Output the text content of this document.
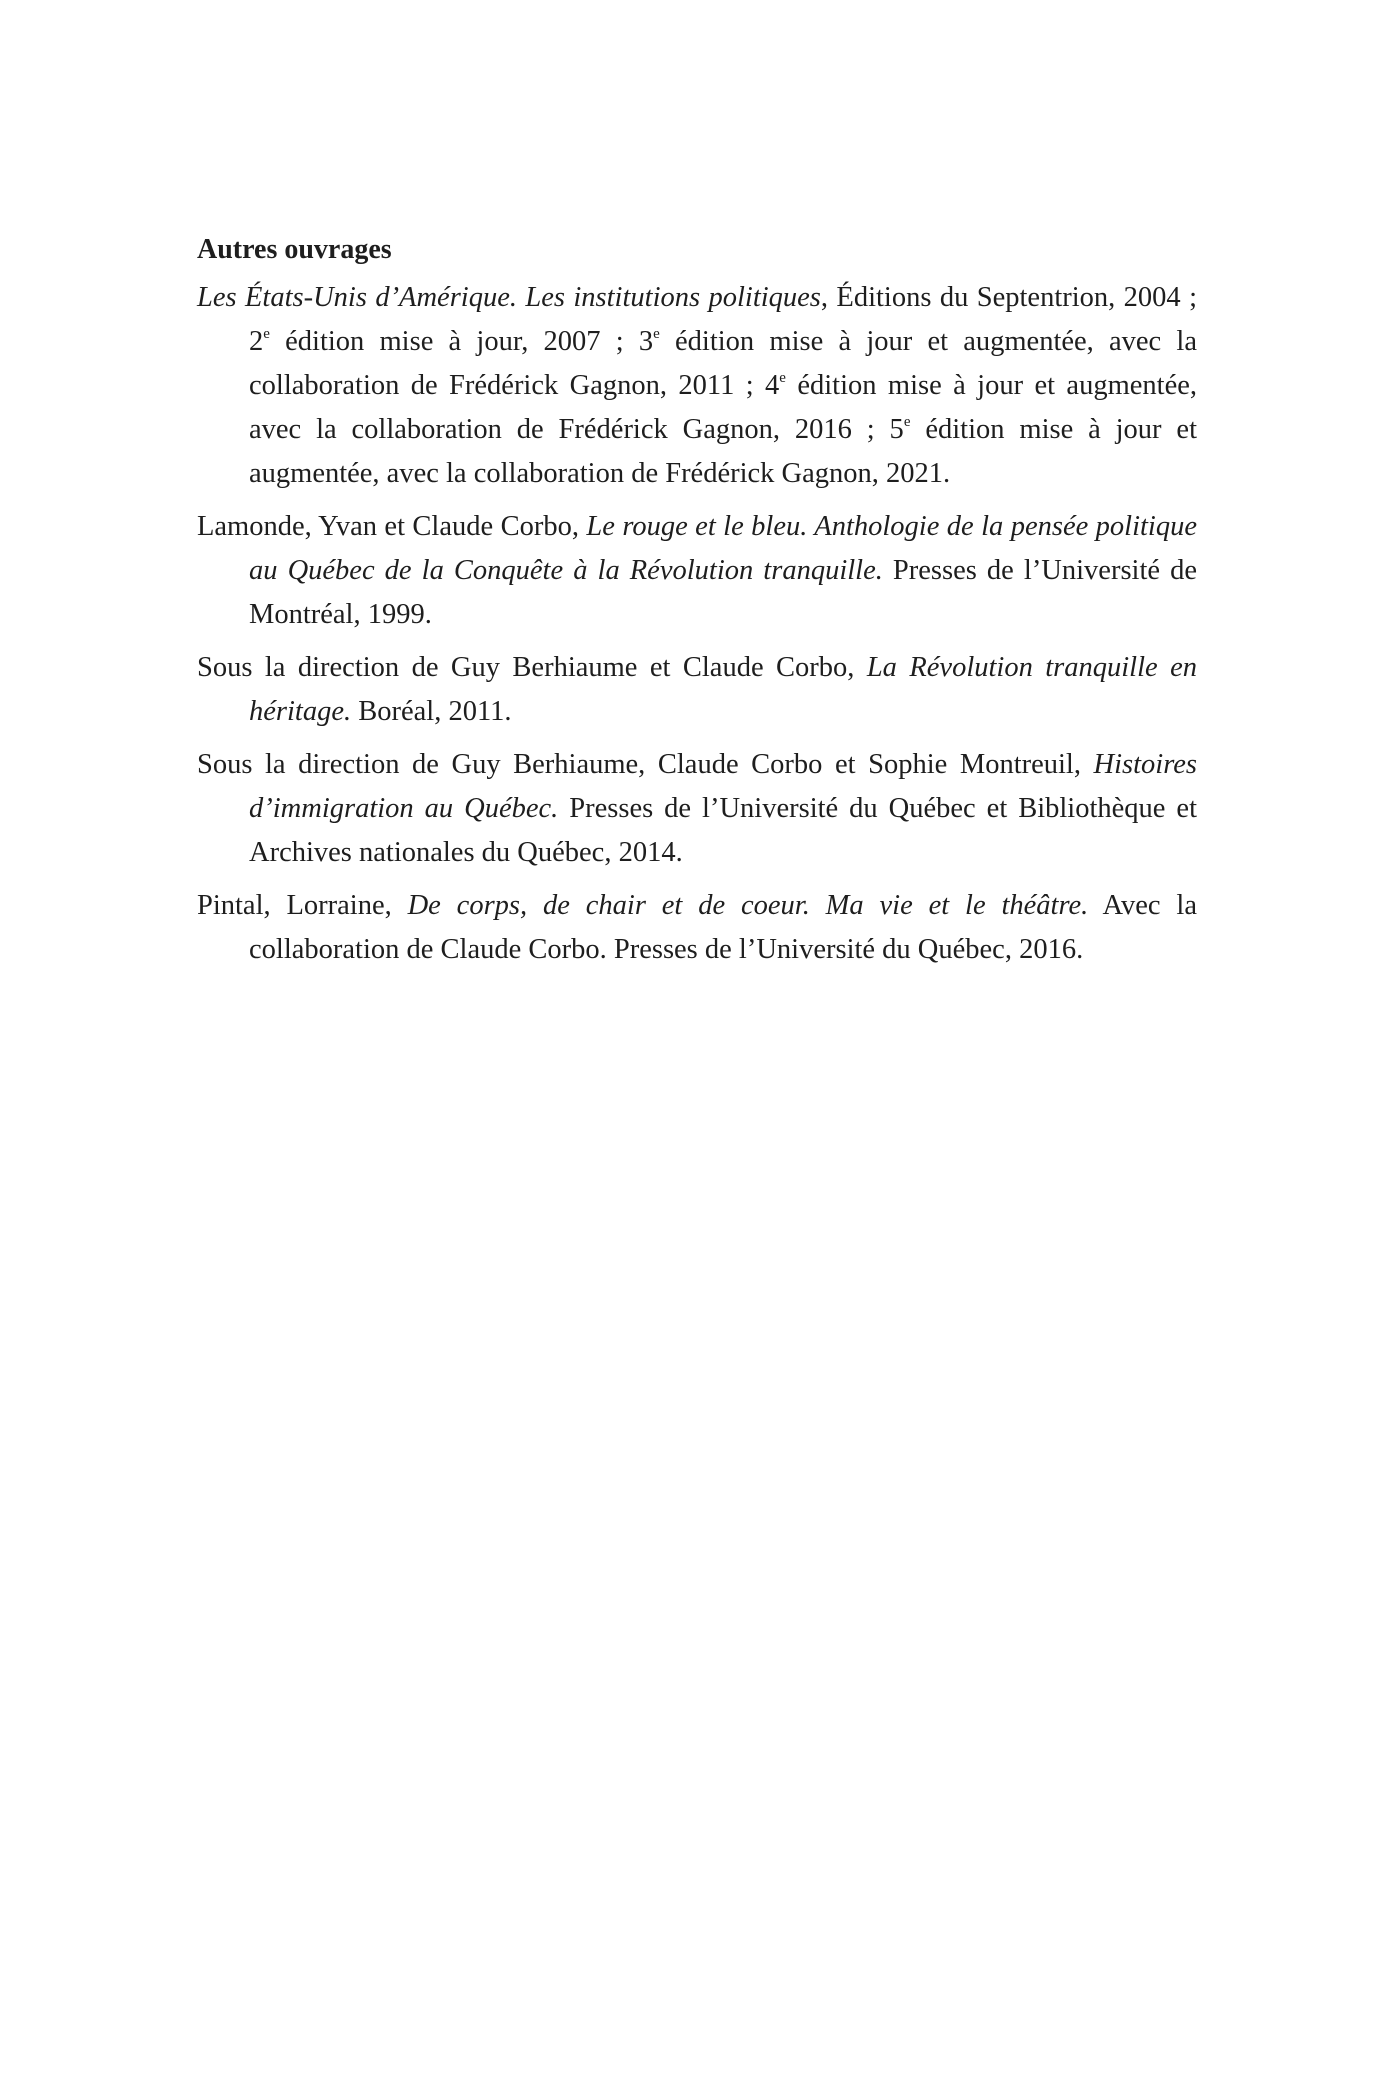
Autres ouvrages

Les États-Unis d’Amérique. Les institutions politiques, Éditions du Septentrion, 2004 ; 2e édition mise à jour, 2007 ; 3e édition mise à jour et augmentée, avec la collaboration de Frédérick Gagnon, 2011 ; 4e édition mise à jour et augmentée, avec la collaboration de Frédérick Gagnon, 2016 ; 5e édition mise à jour et augmentée, avec la collaboration de Frédérick Gagnon, 2021.

Lamonde, Yvan et Claude Corbo, Le rouge et le bleu. Anthologie de la pensée politique au Québec de la Conquête à la Révolution tranquille. Presses de l’Université de Montréal, 1999.

Sous la direction de Guy Berhiaume et Claude Corbo, La Révolution tranquille en héritage. Boréal, 2011.

Sous la direction de Guy Berhiaume, Claude Corbo et Sophie Montreuil, Histoires d’immigration au Québec. Presses de l’Université du Québec et Bibliothèque et Archives nationales du Québec, 2014.

Pintal, Lorraine, De corps, de chair et de coeur. Ma vie et le théâtre. Avec la collaboration de Claude Corbo. Presses de l’Université du Québec, 2016.
